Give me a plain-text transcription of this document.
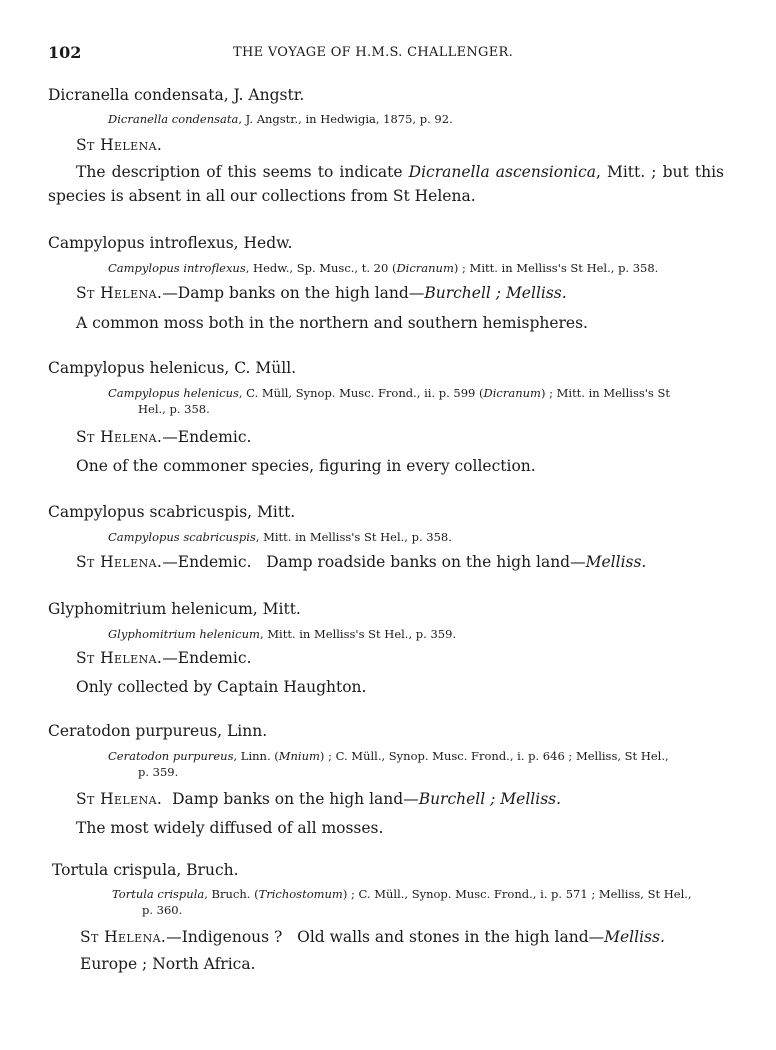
102	THE VOYAGE OF H.M.S. CHALLENGER.
Dicranella condensata, J. Angstr.
Dicranella condensata, J. Angstr., in Hedwigia, 1875, p. 92.
St Helena.
The description of this seems to indicate Dicranella ascensionica, Mitt. ; but this species is absent in all our collections from St Helena.
Campylopus introflexus, Hedw.
Campylopus introflexus, Hedw., Sp. Musc., t. 20 (Dicranum) ; Mitt. in Melliss's St Hel., p. 358.
St Helena.—Damp banks on the high land—Burchell ; Melliss.
A common moss both in the northern and southern hemispheres.
Campylopus helenicus, C. Müll.
Campylopus helenicus, C. Müll, Synop. Musc. Frond., ii. p. 599 (Dicranum) ; Mitt. in Melliss's St
Hel., p. 358.
St Helena.—Endemic.
One of the commoner species, figuring in every collection.
Campylopus scabricuspis, Mitt.
Campylopus scabricuspis, Mitt. in Melliss's St Hel., p. 358.
St Helena.—Endemic.   Damp roadside banks on the high land—Melliss.
Glyphomitrium helenicum, Mitt.
Glyphomitrium helenicum, Mitt. in Melliss's St Hel., p. 359.
St Helena.—Endemic.
Only collected by Captain Haughton.
Ceratodon purpureus, Linn.
Ceratodon purpureus, Linn. (Mnium) ; C. Müll., Synop. Musc. Frond., i. p. 646 ; Melliss, St Hel.,
p. 359.
St Helena.  Damp banks on the high land—Burchell ; Melliss.
The most widely diffused of all mosses.
Tortula crispula, Bruch.
Tortula crispula, Bruch. (Trichostomum) ; C. Müll., Synop. Musc. Frond., i. p. 571 ; Melliss, St Hel.,
p. 360.
St Helena.—Indigenous ?   Old walls and stones in the high land—Melliss.
Europe ; North Africa.
